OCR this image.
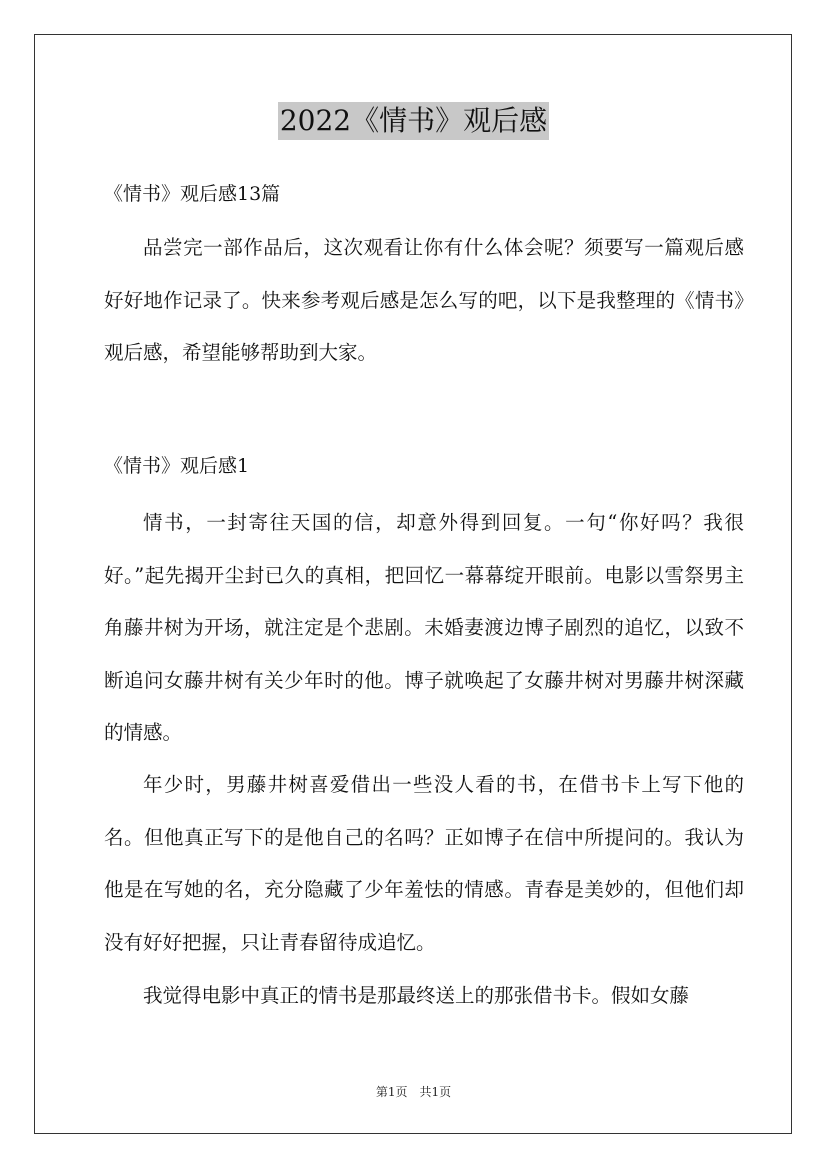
2022《情书》观后感
《情书》观后感13篇

品尝完一部作品后，这次观看让你有什么体会呢？须要写一篇观后感好好地作记录了。快来参考观后感是怎么写的吧，以下是我整理的《情书》观后感，希望能够帮助到大家。

《情书》观后感1

情书，一封寄往天国的信，却意外得到回复。一句“你好吗？我很好。”起先揭开尘封已久的真相，把回忆一幕幕绽开眼前。电影以雪祭男主角藤井树为开场，就注定是个悲剧。未婚妻渡边博子剧烈的追忆，以致不断追问女藤井树有关少年时的他。博子就唤起了女藤井树对男藤井树深藏的情感。

年少时，男藤井树喜爱借出一些没人看的书，在借书卡上写下他的名。但他真正写下的是他自己的名吗？正如博子在信中所提问的。我认为他是在写她的名，充分隐藏了少年羞怯的情感。青春是美妙的，但他们却没有好好把握，只让青春留待成追忆。

我觉得电影中真正的情书是那最终送上的那张借书卡。假如女藤

第1页　共1页
